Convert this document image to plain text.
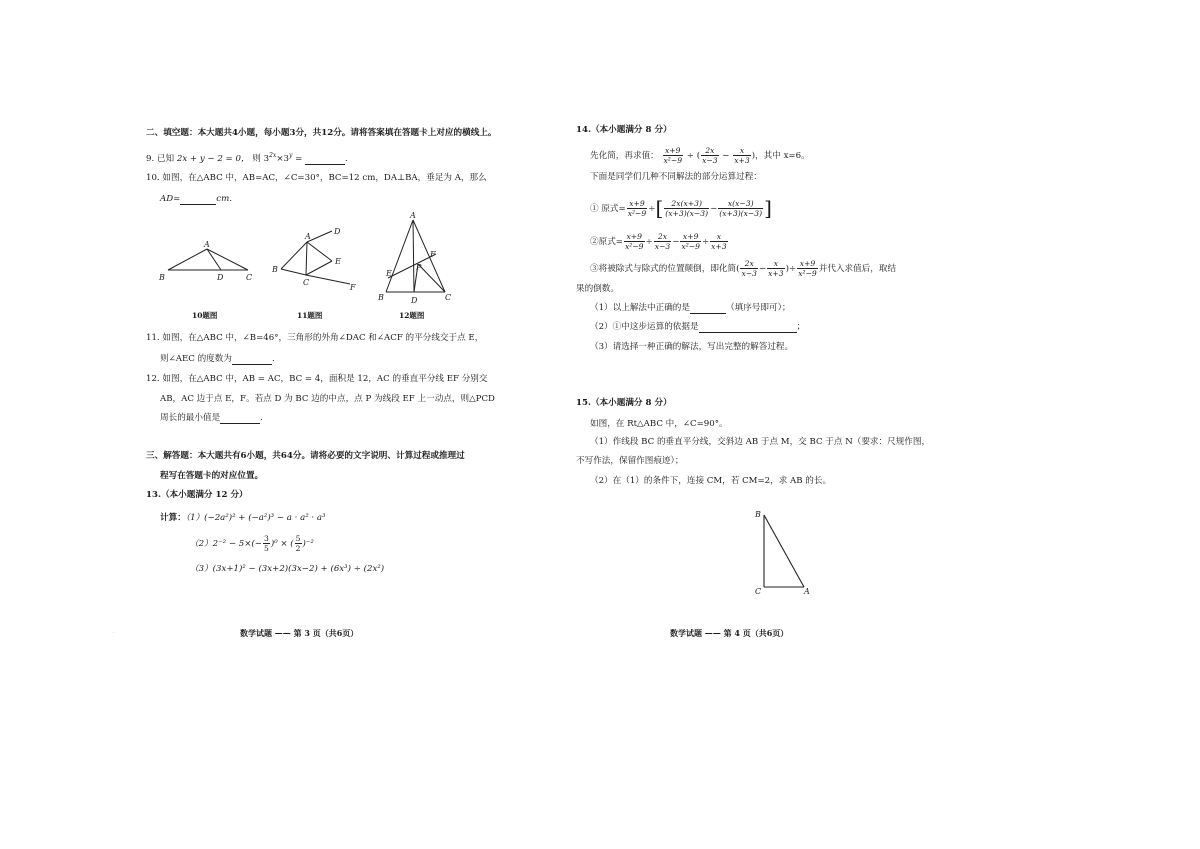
二、填空题：本大题共4小题，每小题3分，共12分。请将答案填在答题卡上对应的横线上。
9. 已知 2x + y − 2 = 0， 则 $3^{2x}\times 3^y$ =	.
10. 如图，在△ABC 中，AB=AC，∠C=30°，BC=12 cm，DA⊥BA，垂足为 A，那么
AD=	cm.
B
A
D	C
B
A
D
E
C
F
A
E
F
P
B	D	C
10题图	11题图	12题图
11. 如图，在△ABC 中，∠B=46°，三角形的外角∠DAC 和∠ACF 的平分线交于点 E，
则∠AEC 的度数为	.
12. 如图，在△ABC 中，AB = AC，BC = 4，面积是 12，AC 的垂直平分线 EF 分别交
AB，AC 边于点 E，F。若点 D 为 BC 边的中点，点 P 为线段 EF 上一动点，则△PCD
周长的最小值是	.
三、解答题：本大题共有6小题，共64分。请将必要的文字说明、计算过程或推理过
程写在答题卡的对应位置。
13.（本小题满分 12 分）
计算：（1）(−2a²)² + (−a²)³ − a · a² · a³
$(2)2^{-2} - 5\times(- \frac{3}{5} )^0$ × ( $\frac{5}{2} )^{-2}$
（3）(3x+1)² − (3x+2)(3x−2) + (6x³) ÷ (2x²)
数学试题 —— 第 3 页（共6页）
·
14.（本小题满分 8 分）
先化简，再求值： $\frac{x+9}{\text{x²−9}}$ ÷ ( $\frac{2x}{x-3} - \frac{x}{x+3}$ )，其中 x=6。
下面是同学们几种不同解法的部分运算过程：
① 原式= $\frac{x+9}{\text{x²−9}}$ ÷[ $\frac{2x(x+3)}{(x+3)(x-3)} - \frac{x(x-3)}{(x+3)(x-3)}$ ]
②原式= $\frac{x+9}{\text{x²−9}} \div \frac{2x}{x-3} - \frac{x+9}{\text{x²−9}} \div \frac{x}{x+3}$
③将被除式与除式的位置颠倒，即化简( $\frac{2x}{x-3} - \frac{x}{x+3}$ )÷ $\frac{x+9}{\text{x²−9}}$ 并代入求值后，取结
果的倒数。
（1）以上解法中正确的是	（填序号即可）；
（2）①中这步运算的依据是	；
（3）请选择一种正确的解法，写出完整的解答过程。
15.（本小题满分 8 分）
如图，在 Rt△ABC 中，∠C=90°。
（1）作线段 BC 的垂直平分线，交斜边 AB 于点 M，交 BC 于点 N（要求：尺规作图，
不写作法，保留作图痕迹）；
（2）在（1）的条件下，连接 CM，若 CM=2，求 AB 的长。
B
C	A
数学试题 —— 第 4 页（共6页）
